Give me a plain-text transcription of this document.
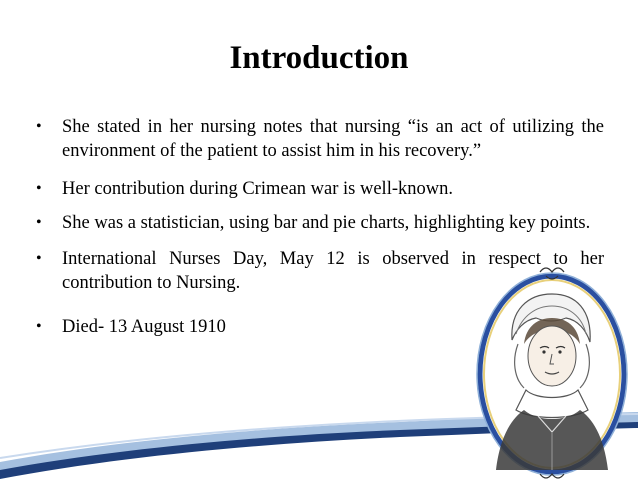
Introduction
• She stated in her nursing notes that nursing “is an act of utilizing the environment of the patient to assist him in his recovery.”
• Her contribution during Crimean war is well-known.
• She was a statistician, using bar and pie charts, highlighting key points.
• International Nurses Day, May 12 is observed in respect to her contribution to Nursing.
• Died- 13 August 1910
